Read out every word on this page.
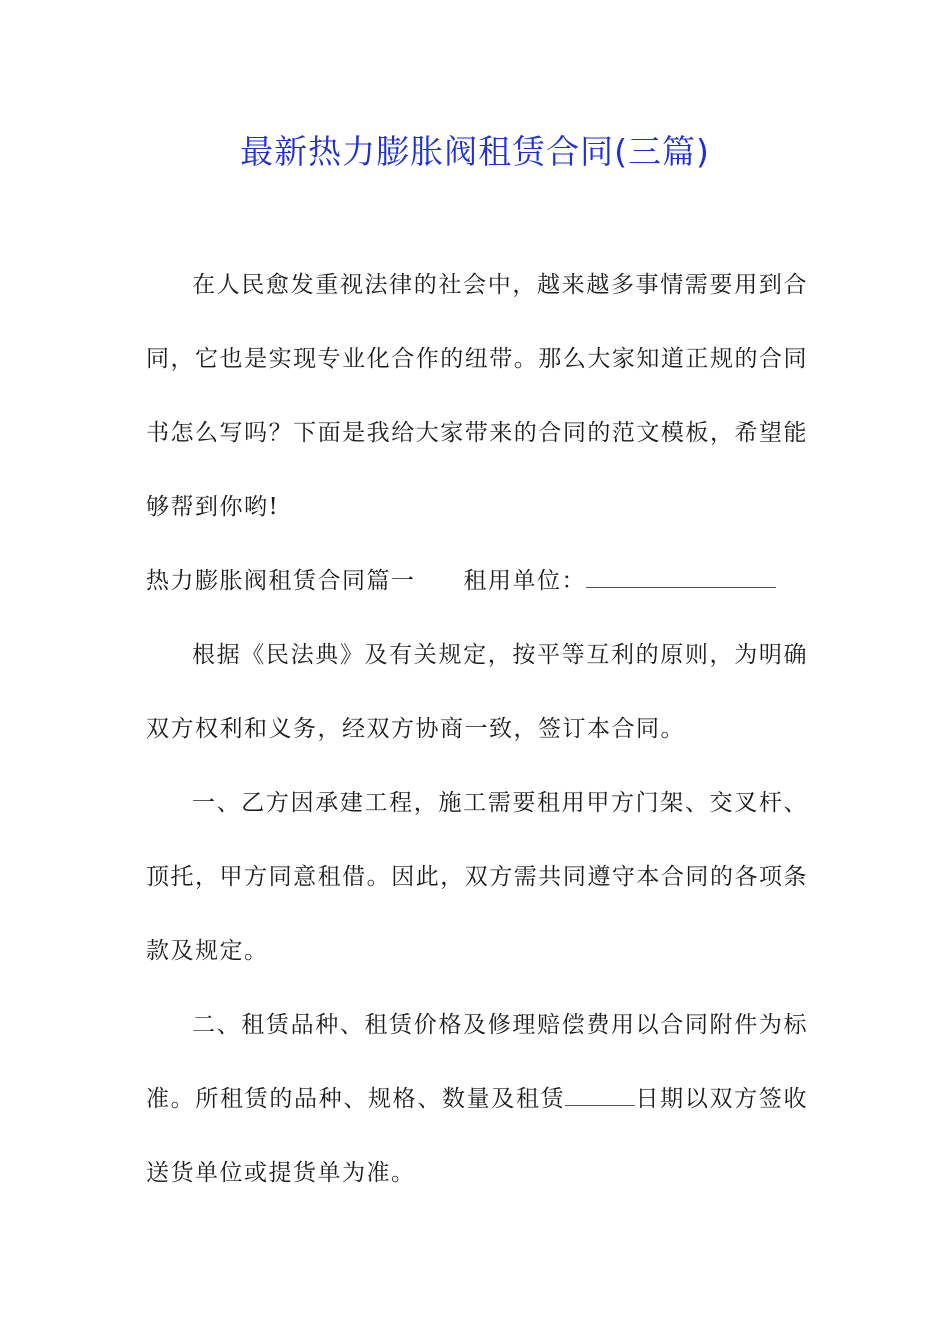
最新热力膨胀阀租赁合同(三篇)

在人民愈发重视法律的社会中，越来越多事情需要用到合同，它也是实现专业化合作的纽带。那么大家知道正规的合同书怎么写吗？下面是我给大家带来的合同的范文模板，希望能够帮到你哟!

热力膨胀阀租赁合同篇一 租用单位：

根据《民法典》及有关规定，按平等互利的原则，为明确双方权利和义务，经双方协商一致，签订本合同。

一、乙方因承建工程，施工需要租用甲方门架、交叉杆、顶托，甲方同意租借。因此，双方需共同遵守本合同的各项条款及规定。

二、租赁品种、租赁价格及修理赔偿费用以合同附件为标准。所租赁的品种、规格、数量及租赁	日期以双方签收送货单位或提货单为准。
